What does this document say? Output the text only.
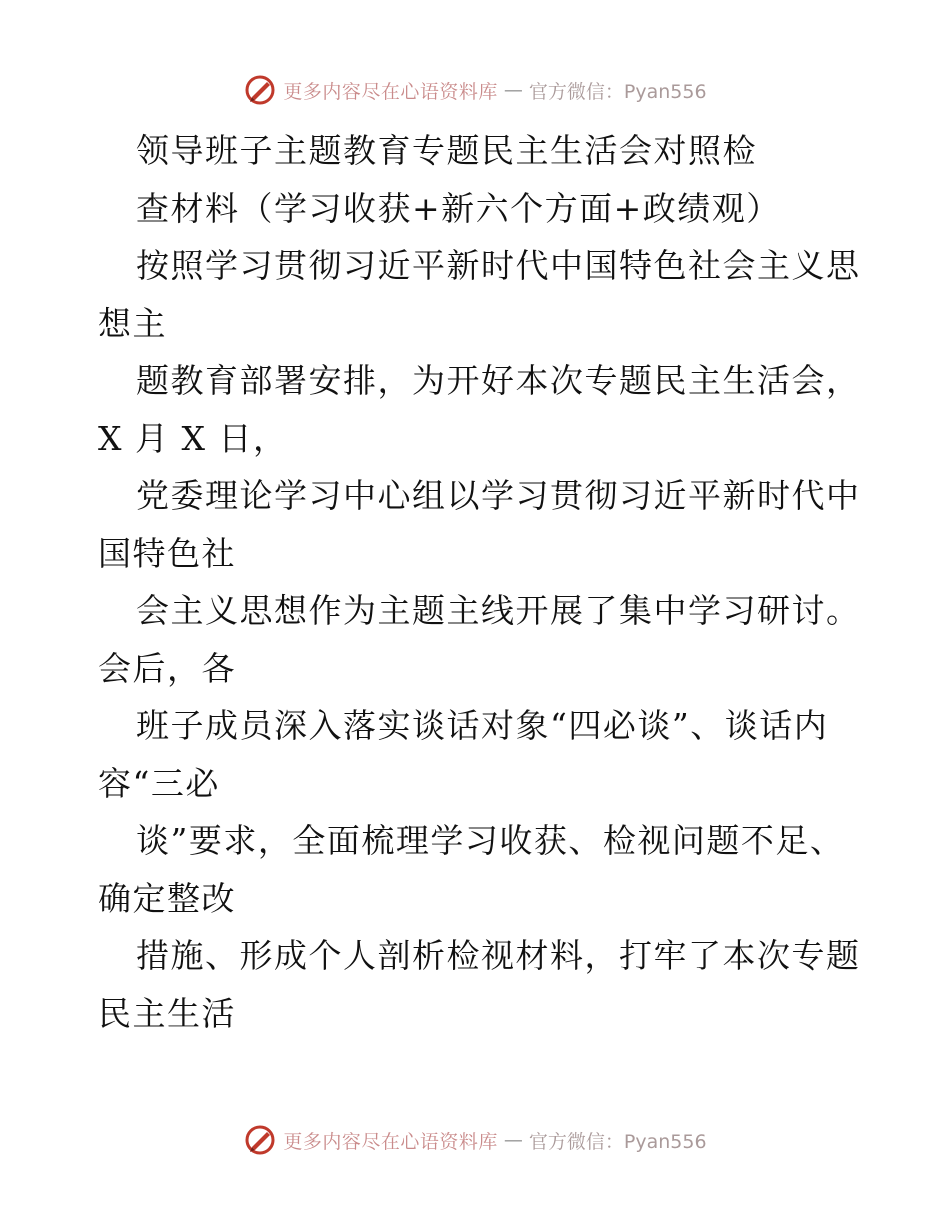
更多内容尽在心语资料库 — 官方微信：Pyan556
领导班子主题教育专题民主生活会对照检
查材料（学习收获+新六个方面+政绩观）
按照学习贯彻习近平新时代中国特色社会主义思
想主
题教育部署安排，为开好本次专题民主生活会，
X 月 X 日，
党委理论学习中心组以学习贯彻习近平新时代中
国特色社
会主义思想作为主题主线开展了集中学习研讨。
会后，各
班子成员深入落实谈话对象“四必谈”、谈话内
容“三必
谈”要求，全面梳理学习收获、检视问题不足、
确定整改
措施、形成个人剖析检视材料，打牢了本次专题
民主生活
更多内容尽在心语资料库 — 官方微信：Pyan556
